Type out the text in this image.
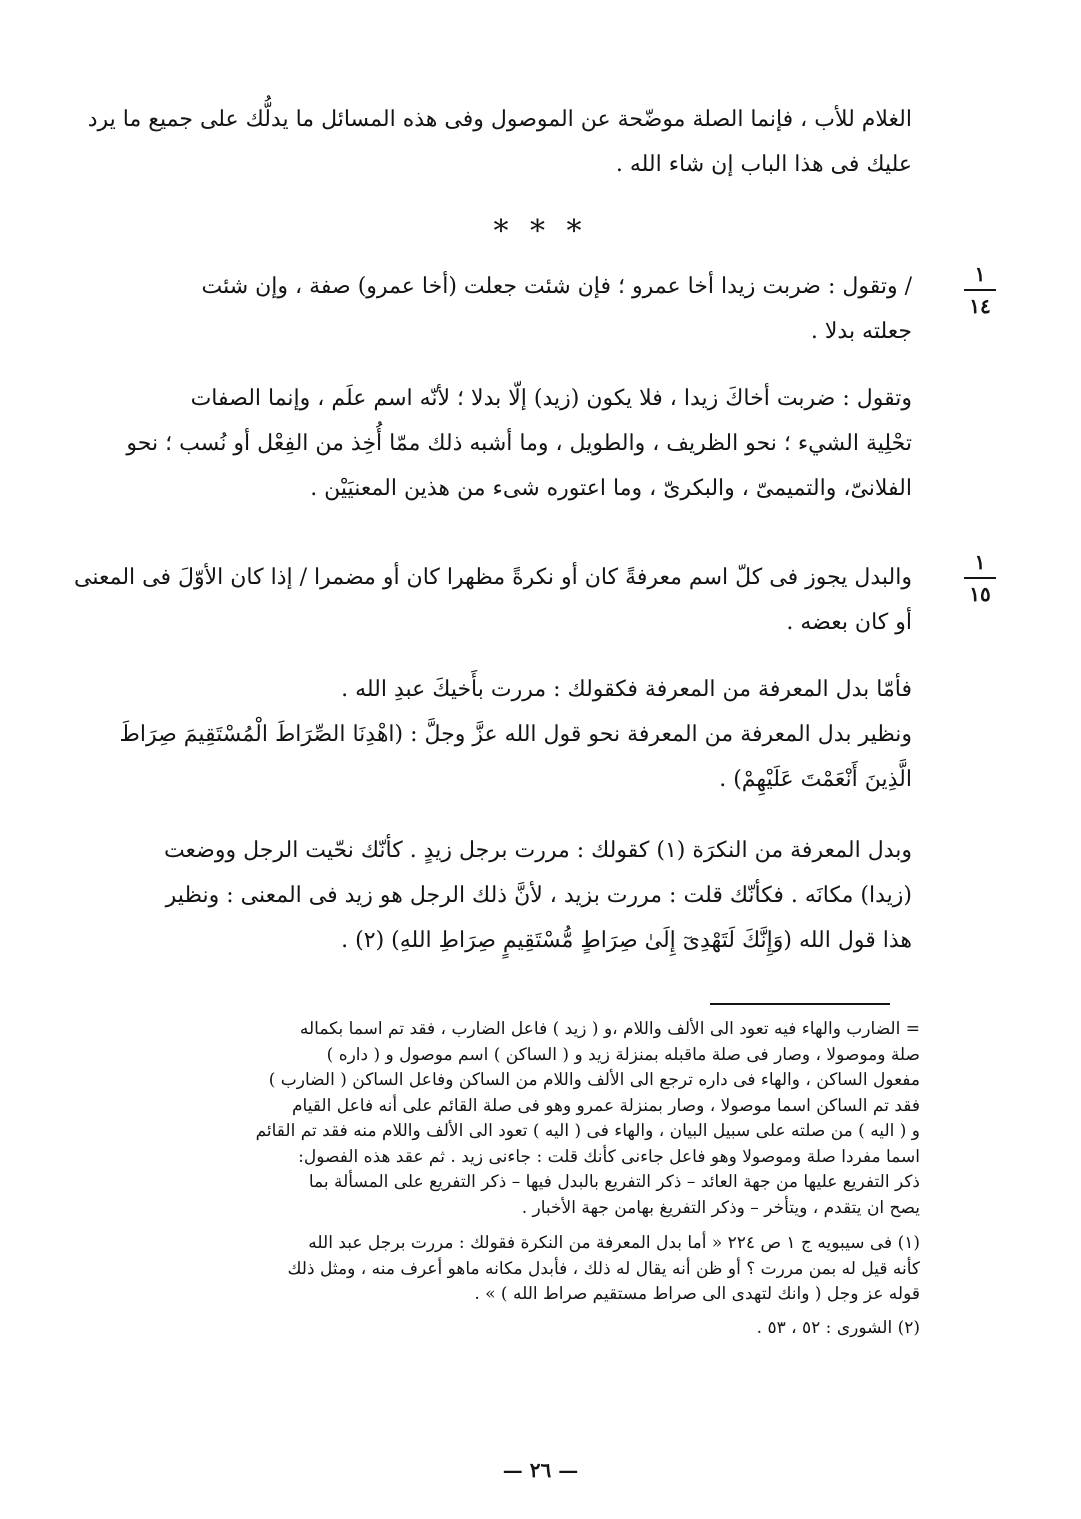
الغلام للأب ، فإنما الصلة موضّحة عن الموصول وفى هذه المسائل ما يدلُّك على جميع ما يرد
عليك فى هذا الباب إن شاء الله .
* * *
١
١٤
/ وتقول : ضربت زيدا أخا عمرو ؛ فإن شئت جعلت (أخا عمرو) صفة ، وإن شئت
جعلته بدلا .
وتقول : ضربت أخاكَ زيدا ، فلا يكون (زيد) إلّا بدلا ؛ لأنّه اسم علَم ، وإنما الصفات
تحْلِية الشيء ؛ نحو الظريف ، والطويل ، وما أشبه ذلك ممّا أُخِذ من الفِعْل أو نُسب ؛ نحو
الفلانىّ، والتميمىّ ، والبكرىّ ، وما اعتوره شىء من هذين المعنيَيْن .
١
١٥
والبدل يجوز فى كلّ اسم معرفةً كان أو نكرةً مظهرا كان أو مضمرا / إذا كان الأوّلَ فى المعنى
أو كان بعضه .
فأمّا بدل المعرفة من المعرفة فكقولك : مررت بأَخيكَ عبدِ الله .
ونظير بدل المعرفة من المعرفة نحو قول الله عزَّ وجلَّ : (اهْدِنَا الصِّرَاطَ الْمُسْتَقِيمَ صِرَاطَ
الَّذِينَ أَنْعَمْتَ عَلَيْهِمْ) .
وبدل المعرفة من النكرَة (١) كقولك : مررت برجل زيدٍ . كأنّك نحّيت الرجل ووضعت
(زيدا) مكانَه . فكأنّك قلت : مررت بزيد ، لأنَّ ذلك الرجل هو زيد فى المعنى : ونظير
هذا قول الله (وَإِنَّكَ لَتَهْدِىٓ إِلَىٰ صِرَاطٍ مُّسْتَقِيمٍ صِرَاطِ اللهِ) (٢) .
= الضارب والهاء فيه تعود الى الألف واللام ،و ( زيد ) فاعل الضارب ، فقد تم اسما بكماله
صلة وموصولا ، وصار فى صلة ماقبله بمنزلة زيد و ( الساكن ) اسم موصول و ( داره )
مفعول الساكن ، والهاء فى داره ترجع الى الألف واللام من الساكن وفاعل الساكن ( الضارب )
فقد تم الساكن اسما موصولا ، وصار بمنزلة عمرو وهو فى صلة القائم على أنه فاعل القيام
و ( اليه ) من صلته على سبيل البيان ، والهاء فى ( اليه ) تعود الى الألف واللام منه فقد تم القائم
اسما مفردا صلة وموصولا وهو فاعل جاءنى كأنك قلت : جاءنى زيد . ثم عقد هذه الفصول:
ذكر التفريع عليها من جهة العائد – ذكر التفريع بالبدل فيها – ذكر التفريع على المسألة بما
يصح ان يتقدم ، ويتأخر – وذكر التفريغ بهامن جهة الأخبار .
(١) فى سيبويه ج ١ ص ٢٢٤ « أما بدل المعرفة من النكرة فقولك : مررت برجل عبد الله
كأنه قيل له بمن مررت ؟ أو ظن أنه يقال له ذلك ، فأبدل مكانه ماهو أعرف منه ، ومثل ذلك
قوله عز وجل ( وانك لتهدى الى صراط مستقيم صراط الله ) » .
(٢) الشورى : ٥٢ ، ٥٣ .
— ٢٦ —
